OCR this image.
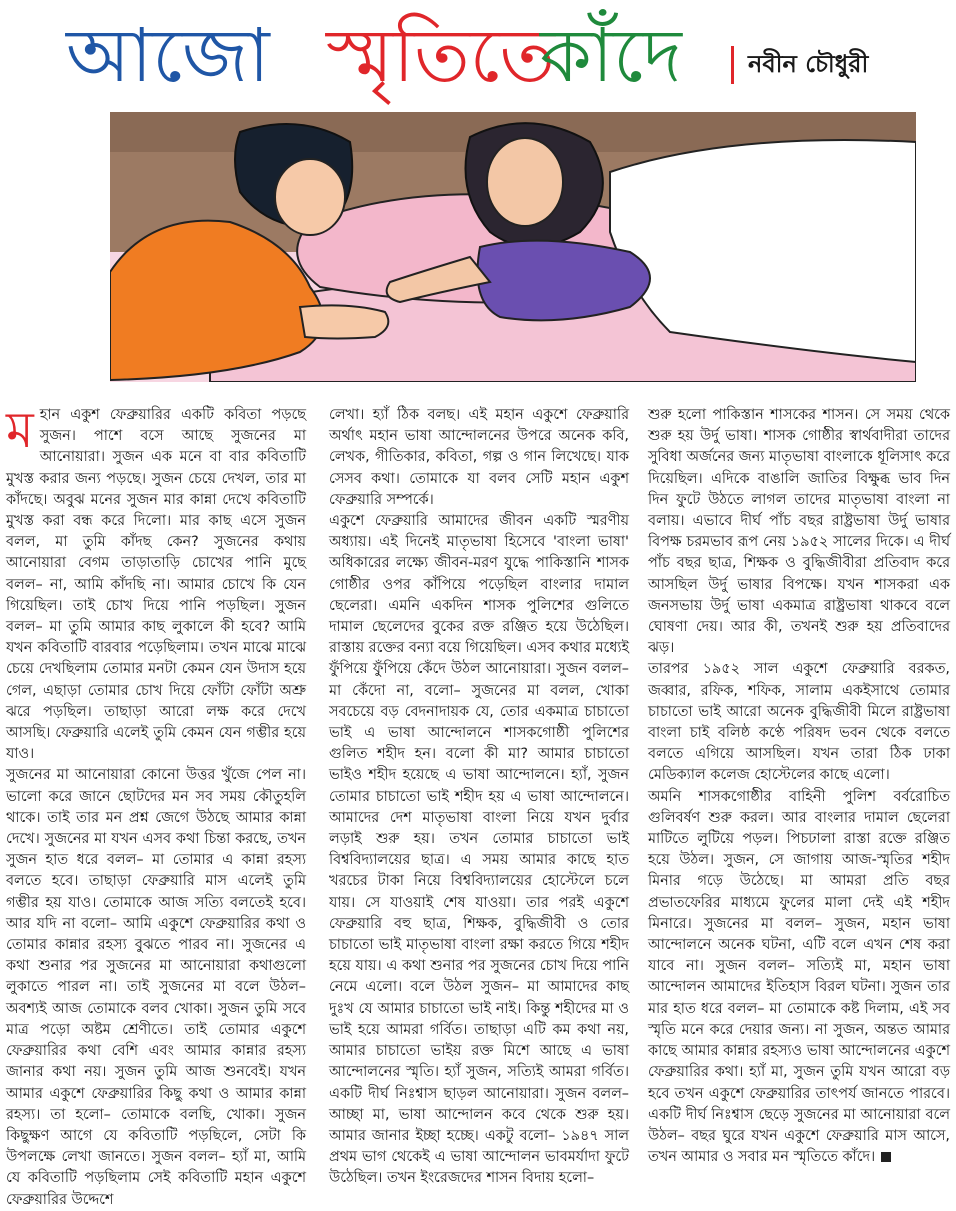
আজো স্মৃতিতে
কাঁদে	নবীন চৌধুরী

মহান একুশ ফেব্রুয়ারির একটি কবিতা পড়ছে সুজন। পাশে বসে আছে সুজনের মা আনোয়ারা। সুজন এক মনে বা বার কবিতাটি মুখস্ত করার জন্য পড়ছে। সুজন চেয়ে দেখল, তার মা কাঁদছে। অবুঝ মনের সুজন মার কান্না দেখে কবিতাটি মুখস্ত করা বন্ধ করে দিলো। মার কাছ এসে সুজন বলল, মা তুমি কাঁদছ কেন? সুজনের কথায় আনোয়ারা বেগম তাড়াতাড়ি চোখের পানি মুছে বলল– না, আমি কাঁদছি না। আমার চোখে কি যেন গিয়েছিল। তাই চোখ দিয়ে পানি পড়ছিল। সুজন বলল– মা তুমি আমার কাছ লুকালে কী হবে? আমি যখন কবিতাটি বারবার পড়েছিলাম। তখন মাঝে মাঝে চেয়ে দেখছিলাম তোমার মনটা কেমন যেন উদাস হয়ে গেল, এছাড়া তোমার চোখ দিয়ে ফোঁটা ফোঁটা অশ্রু ঝরে পড়ছিল। তাছাড়া আরো লক্ষ করে দেখে আসছি। ফেব্রুয়ারি এলেই তুমি কেমন যেন গম্ভীর হয়ে যাও।

সুজনের মা আনোয়ারা কোনো উত্তর খুঁজে পেল না। ভালো করে জানে ছোটদের মন সব সময় কৌতুহলি থাকে। তাই তার মন প্রশ্ন জেগে উঠছে আমার কান্না দেখে। সুজনের মা যখন এসব কথা চিন্তা করছে, তখন সুজন হাত ধরে বলল– মা তোমার এ কান্না রহস্য বলতে হবে। তাছাড়া ফেব্রুয়ারি মাস এলেই তুমি গম্ভীর হয় যাও। তোমাকে আজ সত্যি বলতেই হবে। আর যদি না বলো– আমি একুশে ফেব্রুয়ারির কথা ও তোমার কান্নার রহস্য বুঝতে পারব না। সুজনের এ কথা শুনার পর সুজনের মা আনোয়ারা কথাগুলো লুকাতে পারল না। তাই সুজনের মা বলে উঠল– অবশ্যই আজ তোমাকে বলব খোকা। সুজন তুমি সবে মাত্র পড়ো অষ্টম শ্রেণীতে। তাই তোমার একুশে ফেব্রুয়ারির কথা বেশি এবং আমার কান্নার রহস্য জানার কথা নয়। সুজন তুমি আজ শুনবেই। যখন আমার একুশে ফেব্রুয়ারির কিছু কথা ও আমার কান্না রহস্য। তা হলো– তোমাকে বলছি, খোকা। সুজন কিছুক্ষণ আগে যে কবিতাটি পড়ছিলে, সেটা কি উপলক্ষে লেখা জানতে। সুজন বলল– হ্যাঁ মা, আমি যে কবিতাটি পড়ছিলাম সেই কবিতাটি মহান একুশে ফেব্রুয়ারির উদ্দেশে

লেখা। হ্যাঁ ঠিক বলছ। এই মহান একুশে ফেব্রুয়ারি অর্থাৎ মহান ভাষা আন্দোলনের উপরে অনেক কবি, লেখক, গীতিকার, কবিতা, গল্প ও গান লিখেছে। যাক সেসব কথা। তোমাকে যা বলব সেটি মহান একুশ ফেব্রুয়ারি সম্পর্কে।

একুশে ফেব্রুয়ারি আমাদের জীবন একটি স্মরণীয় অধ্যায়। এই দিনেই মাতৃভাষা হিসেবে 'বাংলা ভাষা' অধিকারের লক্ষ্যে জীবন-মরণ যুদ্ধে পাকিস্তানি শাসক গোষ্ঠীর ওপর কাঁপিয়ে পড়েছিল বাংলার দামাল ছেলেরা। এমনি একদিন শাসক পুলিশের গুলিতে দামাল ছেলেদের বুকের রক্ত রঞ্জিত হয়ে উঠেছিল। রাস্তায় রক্তের বন্যা বয়ে গিয়েছিল। এসব কথার মধ্যেই ফুঁপিয়ে ফুঁপিয়ে কেঁদে উঠল আনোয়ারা। সুজন বলল– মা কেঁদো না, বলো– সুজনের মা বলল, খোকা সবচেয়ে বড় বেদনাদায়ক যে, তোর একমাত্র চাচাতো ভাই এ ভাষা আন্দোলনে শাসকগোষ্ঠী পুলিশের গুলিত শহীদ হন। বলো কী মা? আমার চাচাতো ভাইও শহীদ হয়েছে এ ভাষা আন্দোলনে। হ্যাঁ, সুজন তোমার চাচাতো ভাই শহীদ হয় এ ভাষা আন্দোলনে। আমাদের দেশ মাতৃভাষা বাংলা নিয়ে যখন দুর্বার লড়াই শুরু হয়। তখন তোমার চাচাতো ভাই বিশ্ববিদ্যালয়ের ছাত্র। এ সময় আমার কাছে হাত খরচের টাকা নিয়ে বিশ্ববিদ্যালয়ের হোস্টেলে চলে যায়। সে যাওয়াই শেষ যাওয়া। তার পরই একুশে ফেব্রুয়ারি বহু ছাত্র, শিক্ষক, বুদ্ধিজীবী ও তোর চাচাতো ভাই মাতৃভাষা বাংলা রক্ষা করতে গিয়ে শহীদ হয়ে যায়। এ কথা শুনার পর সুজনের চোখ দিয়ে পানি নেমে এলো। বলে উঠল সুজন– মা আমাদের কাছ দুঃখ যে আমার চাচাতো ভাই নাই। কিন্তু শহীদের মা ও ভাই হয়ে আমরা গর্বিত। তাছাড়া এটি কম কথা নয়, আমার চাচাতো ভাইয় রক্ত মিশে আছে এ ভাষা আন্দোলনের স্মৃতি। হ্যাঁ সুজন, সত্যিই আমরা গর্বিত। একটি দীর্ঘ নিঃশ্বাস ছাড়ল আনোয়ারা। সুজন বলল– আচ্ছা মা, ভাষা আন্দোলন কবে থেকে শুরু হয়। আমার জানার ইচ্ছা হচ্ছে। একটু বলো– ১৯৪৭ সাল প্রথম ভাগ থেকেই এ ভাষা আন্দোলন ভাবমর্যাদা ফুটে উঠেছিল। তখন ইংরেজদের শাসন বিদায় হলো–

শুরু হলো পাকিস্তান শাসকের শাসন। সে সময় থেকে শুরু হয় উর্দু ভাষা। শাসক গোষ্ঠীর স্বার্থবাদীরা তাদের সুবিধা অর্জনের জন্য মাতৃভাষা বাংলাকে ধূলিসাৎ করে দিয়েছিল। এদিকে বাঙালি জাতির বিক্ষুব্ধ ভাব দিন দিন ফুটে উঠতে লাগল তাদের মাতৃভাষা বাংলা না বলায়। এভাবে দীর্ঘ পাঁচ বছর রাষ্ট্রভাষা উর্দু ভাষার বিপক্ষ চরমভাব রূপ নেয় ১৯৫২ সালের দিকে। এ দীর্ঘ পাঁচ বছর ছাত্র, শিক্ষক ও বুদ্ধিজীবীরা প্রতিবাদ করে আসছিল উর্দু ভাষার বিপক্ষে। যখন শাসকরা এক জনসভায় উর্দু ভাষা একমাত্র রাষ্ট্রভাষা থাকবে বলে ঘোষণা দেয়। আর কী, তখনই শুরু হয় প্রতিবাদের ঝড়।

তারপর ১৯৫২ সাল একুশে ফেব্রুয়ারি বরকত, জব্বার, রফিক, শফিক, সালাম একইসাথে তোমার চাচাতো ভাই আরো অনেক বুদ্ধিজীবী মিলে রাষ্ট্রভাষা বাংলা চাই বলিষ্ঠ কণ্ঠে পরিষদ ভবন থেকে বলতে বলতে এগিয়ে আসছিল। যখন তারা ঠিক ঢাকা মেডিক্যাল কলেজ হোস্টেলের কাছে এলো।

অমনি শাসকগোষ্ঠীর বাহিনী পুলিশ বর্বরোচিত গুলিবর্ষণ শুরু করল। আর বাংলার দামাল ছেলেরা মাটিতে লুটিয়ে পড়ল। পিচঢালা রাস্তা রক্তে রঞ্জিত হয়ে উঠল। সুজন, সে জাগায় আজ-স্মৃতির শহীদ মিনার গড়ে উঠেছে। মা আমরা প্রতি বছর প্রভাতফেরির মাধ্যমে ফুলের মালা দেই এই শহীদ মিনারে। সুজনের মা বলল– সুজন, মহান ভাষা আন্দোলনে অনেক ঘটনা, এটি বলে এখন শেষ করা যাবে না। সুজন বলল– সত্যিই মা, মহান ভাষা আন্দোলন আমাদের ইতিহাস বিরল ঘটনা। সুজন তার মার হাত ধরে বলল– মা তোমাকে কষ্ট দিলাম, এই সব স্মৃতি মনে করে দেয়ার জন্য। না সুজন, অন্তত আমার কাছে আমার কান্নার রহস্যও ভাষা আন্দোলনের একুশে ফেব্রুয়ারির কথা। হ্যাঁ মা, সুজন তুমি যখন আরো বড় হবে তখন একুশে ফেব্রুয়ারির তাৎপর্য জানতে পারবে। একটি দীর্ঘ নিঃশ্বাস ছেড়ে সুজনের মা আনোয়ারা বলে উঠল– বছর ঘুরে যখন একুশে ফেব্রুয়ারি মাস আসে, তখন আমার ও সবার মন স্মৃতিতে কাঁদে।
